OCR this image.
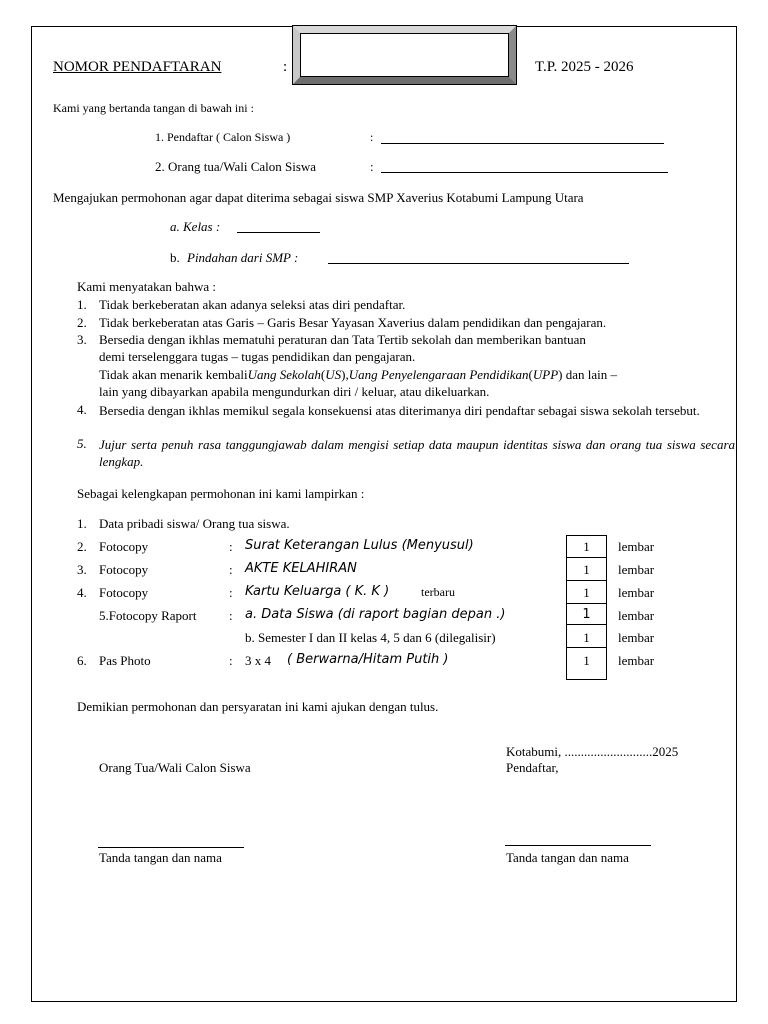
NOMOR PENDAFTARAN	:	T.P. 2025 - 2026
Kami yang bertanda tangan di bawah ini :
1. Pendaftar ( Calon Siswa )	:
2. Orang tua/Wali Calon Siswa	:
Mengajukan permohonan agar dapat diterima sebagai siswa SMP Xaverius Kotabumi Lampung Utara
a. Kelas :
b. Pindahan dari SMP :
Kami menyatakan bahwa :
1. Tidak berkeberatan akan adanya seleksi atas diri pendaftar.
2. Tidak berkeberatan atas Garis – Garis Besar Yayasan Xaverius dalam pendidikan dan pengajaran.
3. Bersedia dengan ikhlas mematuhi peraturan dan Tata Tertib sekolah dan memberikan bantuan
demi terselenggara tugas – tugas pendidikan dan pengajaran.
Tidak akan menarik kembali Uang Sekolah ( US ), Uang Penyelengaraan Pendidikan ( UPP ) dan lain –
lain yang dibayarkan apabila mengundurkan diri / keluar, atau dikeluarkan.
4. Bersedia dengan ikhlas memikul segala konsekuensi atas diterimanya diri pendaftar sebagai siswa sekolah tersebut.
5. Jujur serta penuh rasa tanggungjawab dalam mengisi setiap data maupun identitas siswa dan orang tua siswa secara lengkap.
Sebagai kelengkapan permohonan ini kami lampirkan :
1. Data pribadi siswa/ Orang tua siswa.
2. Fotocopy	: Surat Keterangan Lulus (Menyusul)	1	lembar
3. Fotocopy	: AKTE KELAHIRAN	1	lembar
4. Fotocopy	: Kartu Keluarga ( K. K )	terbaru	1	lembar
5.Fotocopy Raport	: a. Data Siswa (di raport bagian depan .)	1	lembar
b. Semester I dan II kelas 4, 5 dan 6 (dilegalisir)	1	lembar
6. Pas Photo	: 3 x 4 ( Berwarna/Hitam Putih )	1	lembar
Demikian permohonan dan persyaratan ini kami ajukan dengan tulus.
Kotabumi, ...........................2025
Orang Tua/Wali Calon Siswa	Pendaftar,
Tanda tangan dan nama	Tanda tangan dan nama
